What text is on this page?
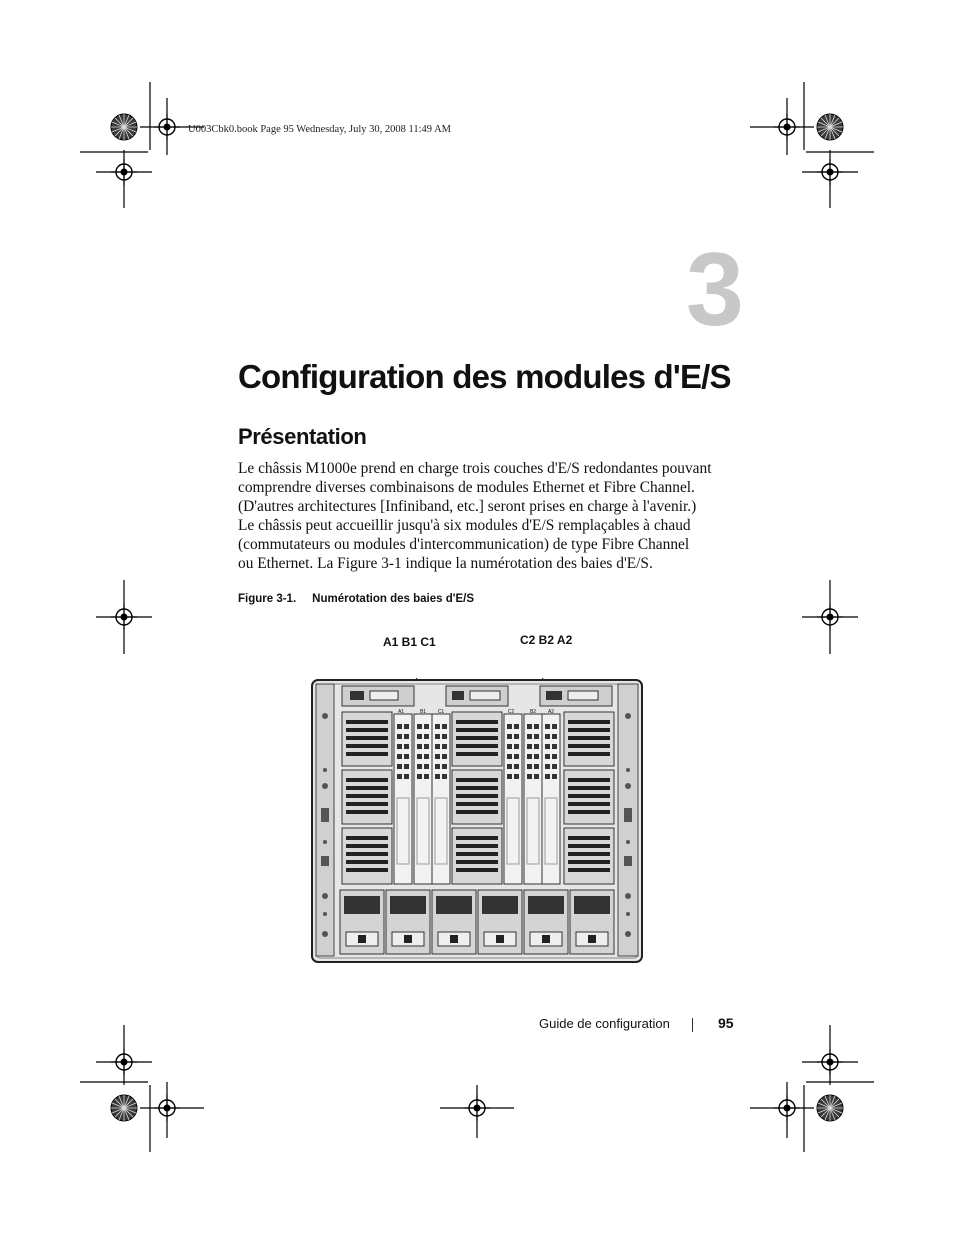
U003Cbk0.book Page 95 Wednesday, July 30, 2008 11:49 AM
3
Configuration des modules d'E/S
Présentation
Le châssis M1000e prend en charge trois couches d'E/S redondantes pouvant
comprendre diverses combinaisons de modules Ethernet et Fibre Channel.
(D'autres architectures [Infiniband, etc.] seront prises en charge à l'avenir.)
Le châssis peut accueillir jusqu'à six modules d'E/S remplaçables à chaud
(commutateurs ou modules d'intercommunication) de type Fibre Channel
ou Ethernet. La Figure 3-1 indique la numérotation des baies d'E/S.
Figure 3-1. Numérotation des baies d'E/S
A1 B1 C1	C2 B2 A2
A1	B1 C1	C2	B2 A2
Guide de configuration	95
